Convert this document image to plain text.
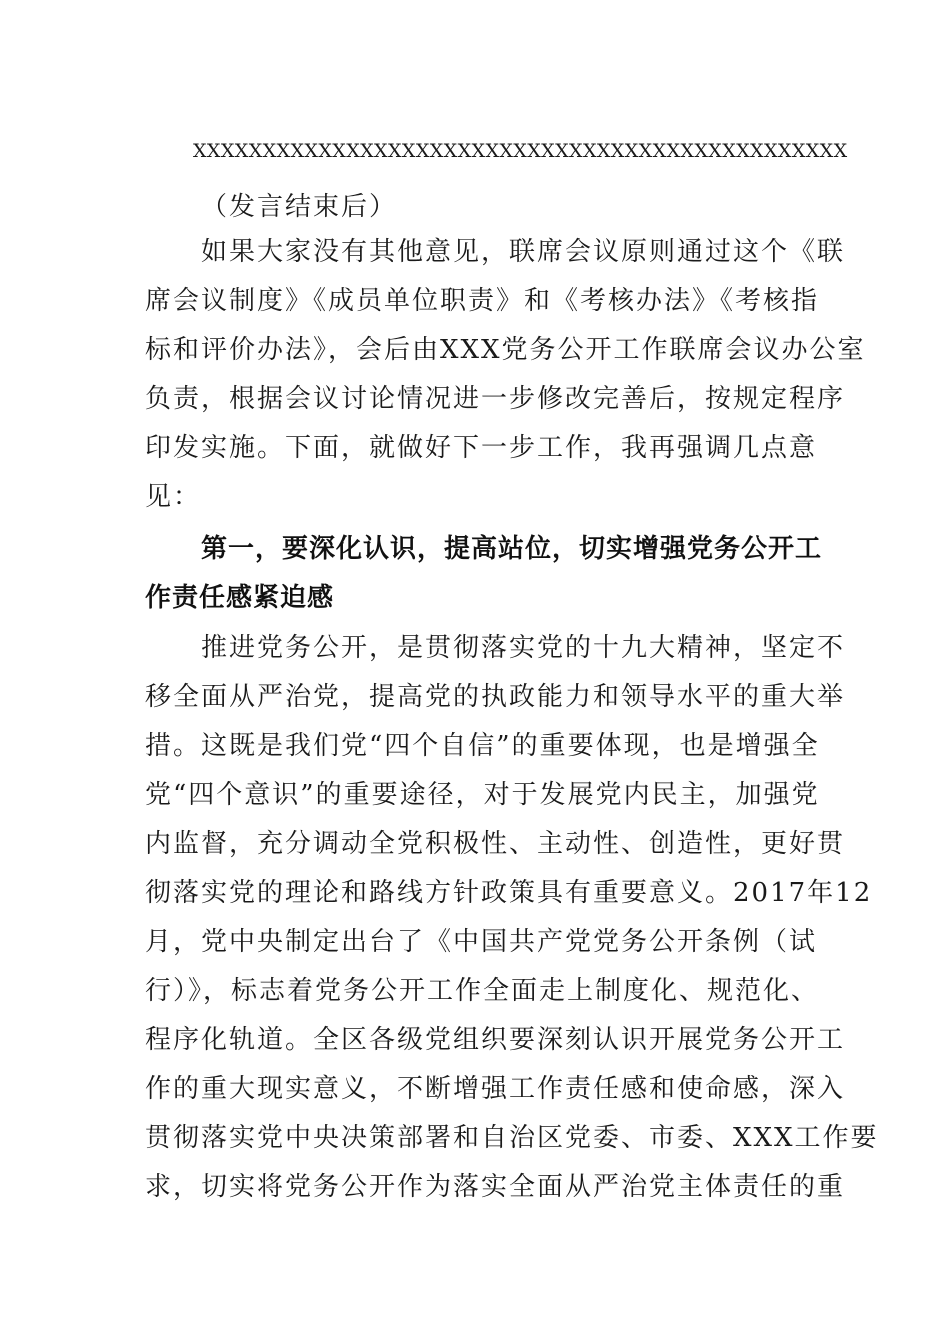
XXXXXXXXXXXXXXXXXXXXXXXXXXXXXXXXXXXXXXXXXXXXXXX
（发言结束后）
如果大家没有其他意见，联席会议原则通过这个《联
席会议制度》《成员单位职责》和《考核办法》《考核指
标和评价办法》，会后由XXX党务公开工作联席会议办公室
负责，根据会议讨论情况进一步修改完善后，按规定程序
印发实施。下面，就做好下一步工作，我再强调几点意
见：
第一，要深化认识，提高站位，切实增强党务公开工
作责任感紧迫感
推进党务公开，是贯彻落实党的十九大精神，坚定不
移全面从严治党，提高党的执政能力和领导水平的重大举
措。这既是我们党“四个自信”的重要体现，也是增强全
党“四个意识”的重要途径，对于发展党内民主，加强党
内监督，充分调动全党积极性、主动性、创造性，更好贯
彻落实党的理论和路线方针政策具有重要意义。2017年12
月，党中央制定出台了《中国共产党党务公开条例（试
行）》，标志着党务公开工作全面走上制度化、规范化、
程序化轨道。全区各级党组织要深刻认识开展党务公开工
作的重大现实意义，不断增强工作责任感和使命感，深入
贯彻落实党中央决策部署和自治区党委、市委、XXX工作要
求，切实将党务公开作为落实全面从严治党主体责任的重
